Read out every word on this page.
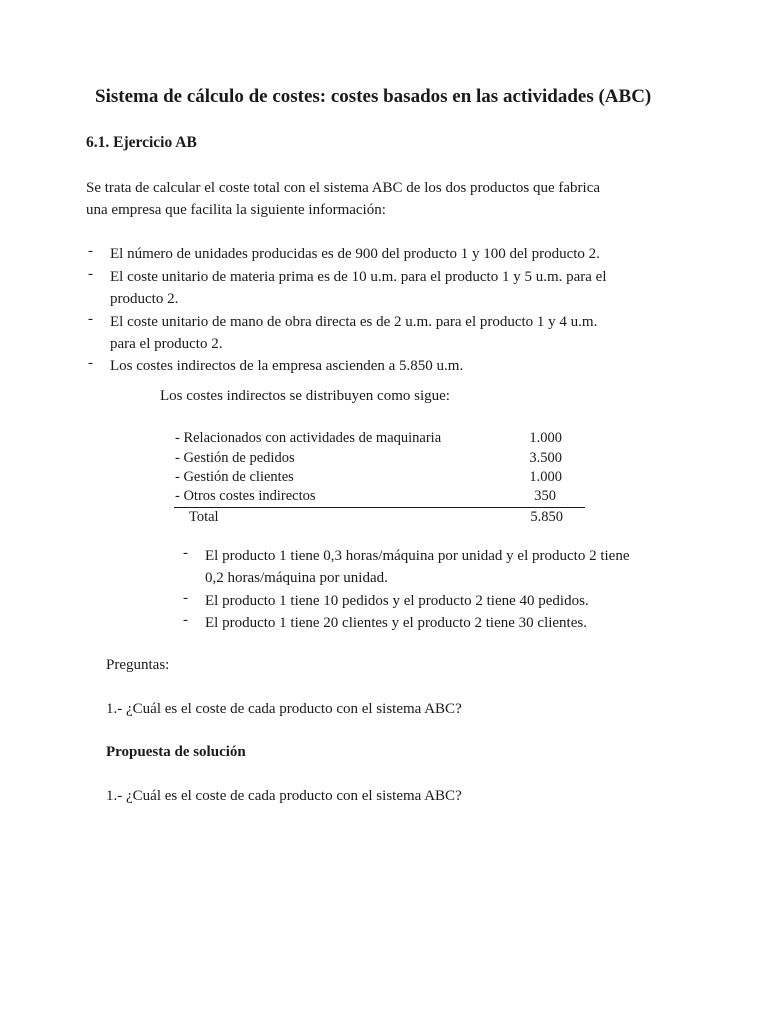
Sistema de cálculo de costes: costes basados en las actividades (ABC)
6.1. Ejercicio AB
Se trata de calcular el coste total con el sistema ABC de los dos productos que fabrica
una empresa que facilita la siguiente información:
- El número de unidades producidas es de 900 del producto 1 y 100 del producto 2.
- El coste unitario de materia prima es de 10 u.m. para el producto 1 y 5 u.m. para el
producto 2.
- El coste unitario de mano de obra directa es de 2 u.m. para el producto 1 y 4 u.m.
para el producto 2.
- Los costes indirectos de la empresa ascienden a 5.850 u.m.
Los costes indirectos se distribuyen como sigue:
- Relacionados con actividades de maquinaria	1.000
- Gestión de pedidos	3.500
- Gestión de clientes	1.000
- Otros costes indirectos	350
Total	5.850
- El producto 1 tiene 0,3 horas/máquina por unidad y el producto 2 tiene
0,2 horas/máquina por unidad.
- El producto 1 tiene 10 pedidos y el producto 2 tiene 40 pedidos.
- El producto 1 tiene 20 clientes y el producto 2 tiene 30 clientes.
Preguntas:
1.- ¿Cuál es el coste de cada producto con el sistema ABC?
Propuesta de solución
1.- ¿Cuál es el coste de cada producto con el sistema ABC?
